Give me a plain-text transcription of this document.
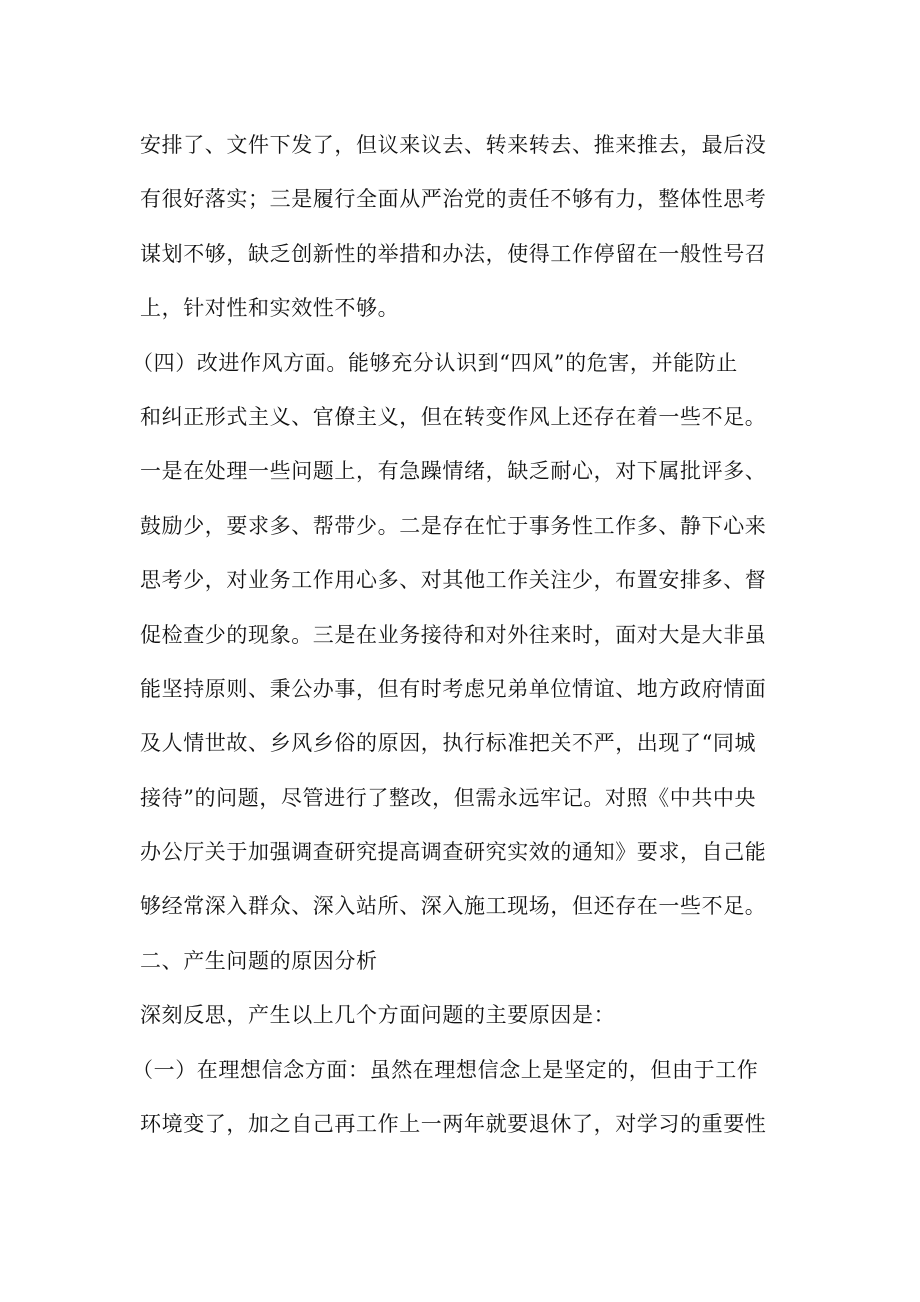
安排了、文件下发了，但议来议去、转来转去、推来推去，最后没
有很好落实；三是履行全面从严治党的责任不够有力，整体性思考
谋划不够，缺乏创新性的举措和办法，使得工作停留在一般性号召
上，针对性和实效性不够。
（四）改进作风方面。能够充分认识到“四风”的危害，并能防止
和纠正形式主义、官僚主义，但在转变作风上还存在着一些不足。
一是在处理一些问题上，有急躁情绪，缺乏耐心，对下属批评多、
鼓励少，要求多、帮带少。二是存在忙于事务性工作多、静下心来
思考少，对业务工作用心多、对其他工作关注少，布置安排多、督
促检查少的现象。三是在业务接待和对外往来时，面对大是大非虽
能坚持原则、秉公办事，但有时考虑兄弟单位情谊、地方政府情面
及人情世故、乡风乡俗的原因，执行标准把关不严，出现了“同城
接待”的问题，尽管进行了整改，但需永远牢记。对照《中共中央
办公厅关于加强调查研究提高调查研究实效的通知》要求，自己能
够经常深入群众、深入站所、深入施工现场，但还存在一些不足。
二、产生问题的原因分析
深刻反思，产生以上几个方面问题的主要原因是：
（一）在理想信念方面：虽然在理想信念上是坚定的，但由于工作
环境变了，加之自己再工作上一两年就要退休了，对学习的重要性
